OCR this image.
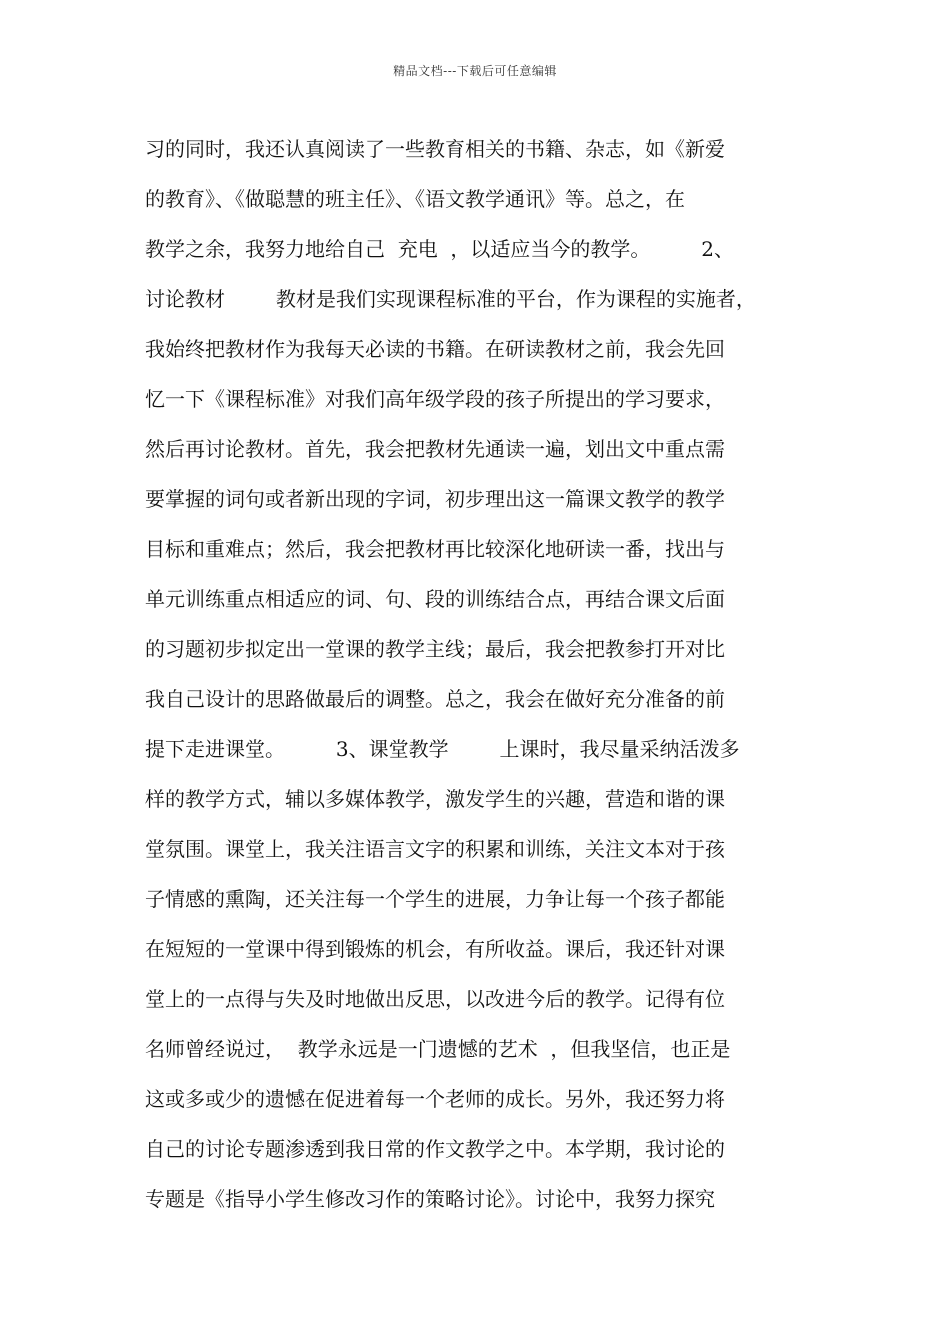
精品文档---下载后可任意编辑
习的同时，我还认真阅读了一些教育相关的书籍、杂志，如《新爱
的教育》、《做聪慧的班主任》、《语文教学通讯》等。总之，在
教学之余，我努力地给自己  充电  ，以适应当今的教学。        2、
讨论教材        教材是我们实现课程标准的平台，作为课程的实施者，
我始终把教材作为我每天必读的书籍。在研读教材之前，我会先回
忆一下《课程标准》对我们高年级学段的孩子所提出的学习要求，
然后再讨论教材。首先，我会把教材先通读一遍，划出文中重点需
要掌握的词句或者新出现的字词，初步理出这一篇课文教学的教学
目标和重难点；然后，我会把教材再比较深化地研读一番，找出与
单元训练重点相适应的词、句、段的训练结合点，再结合课文后面
的习题初步拟定出一堂课的教学主线；最后，我会把教参打开对比
我自己设计的思路做最后的调整。总之，我会在做好充分准备的前
提下走进课堂。        3、课堂教学        上课时，我尽量采纳活泼多
样的教学方式，辅以多媒体教学，激发学生的兴趣，营造和谐的课
堂氛围。课堂上，我关注语言文字的积累和训练，关注文本对于孩
子情感的熏陶，还关注每一个学生的进展，力争让每一个孩子都能
在短短的一堂课中得到锻炼的机会，有所收益。课后，我还针对课
堂上的一点得与失及时地做出反思，以改进今后的教学。记得有位
名师曾经说过，  教学永远是一门遗憾的艺术  ，但我坚信，也正是
这或多或少的遗憾在促进着每一个老师的成长。另外，我还努力将
自己的讨论专题渗透到我日常的作文教学之中。本学期，我讨论的
专题是《指导小学生修改习作的策略讨论》。讨论中，我努力探究
